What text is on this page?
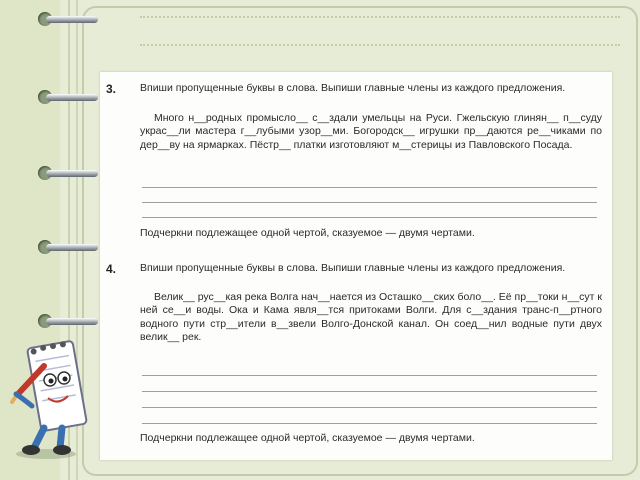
3. Впиши пропущенные буквы в слова. Выпиши главные члены из каждого предложения.
Много н__родных промысло__ с__здали умельцы на Руси. Гжельскую глинян__ п__суду украс__ли мастера г__лубыми узор__ми. Богородск__ игрушки пр__даются ре__чиками по дер__ву на ярмарках. Пёстр__ платки изготовляют м__стерицы из Павловского Посада.
Подчеркни подлежащее одной чертой, сказуемое — двумя чертами.
4. Впиши пропущенные буквы в слова. Выпиши главные члены из каждого предложения.
Велик__ рус__кая река Волга нач__нается из Осташко__ских боло__. Её пр__токи н__сут к ней се__и воды. Ока и Кама явля__тся притоками Волги. Для с__здания транс-п__ртного водного пути стр__ители в__звели Волго-Донской канал. Он соед__нил водные пути двух велик__ рек.
Подчеркни подлежащее одной чертой, сказуемое — двумя чертами.
